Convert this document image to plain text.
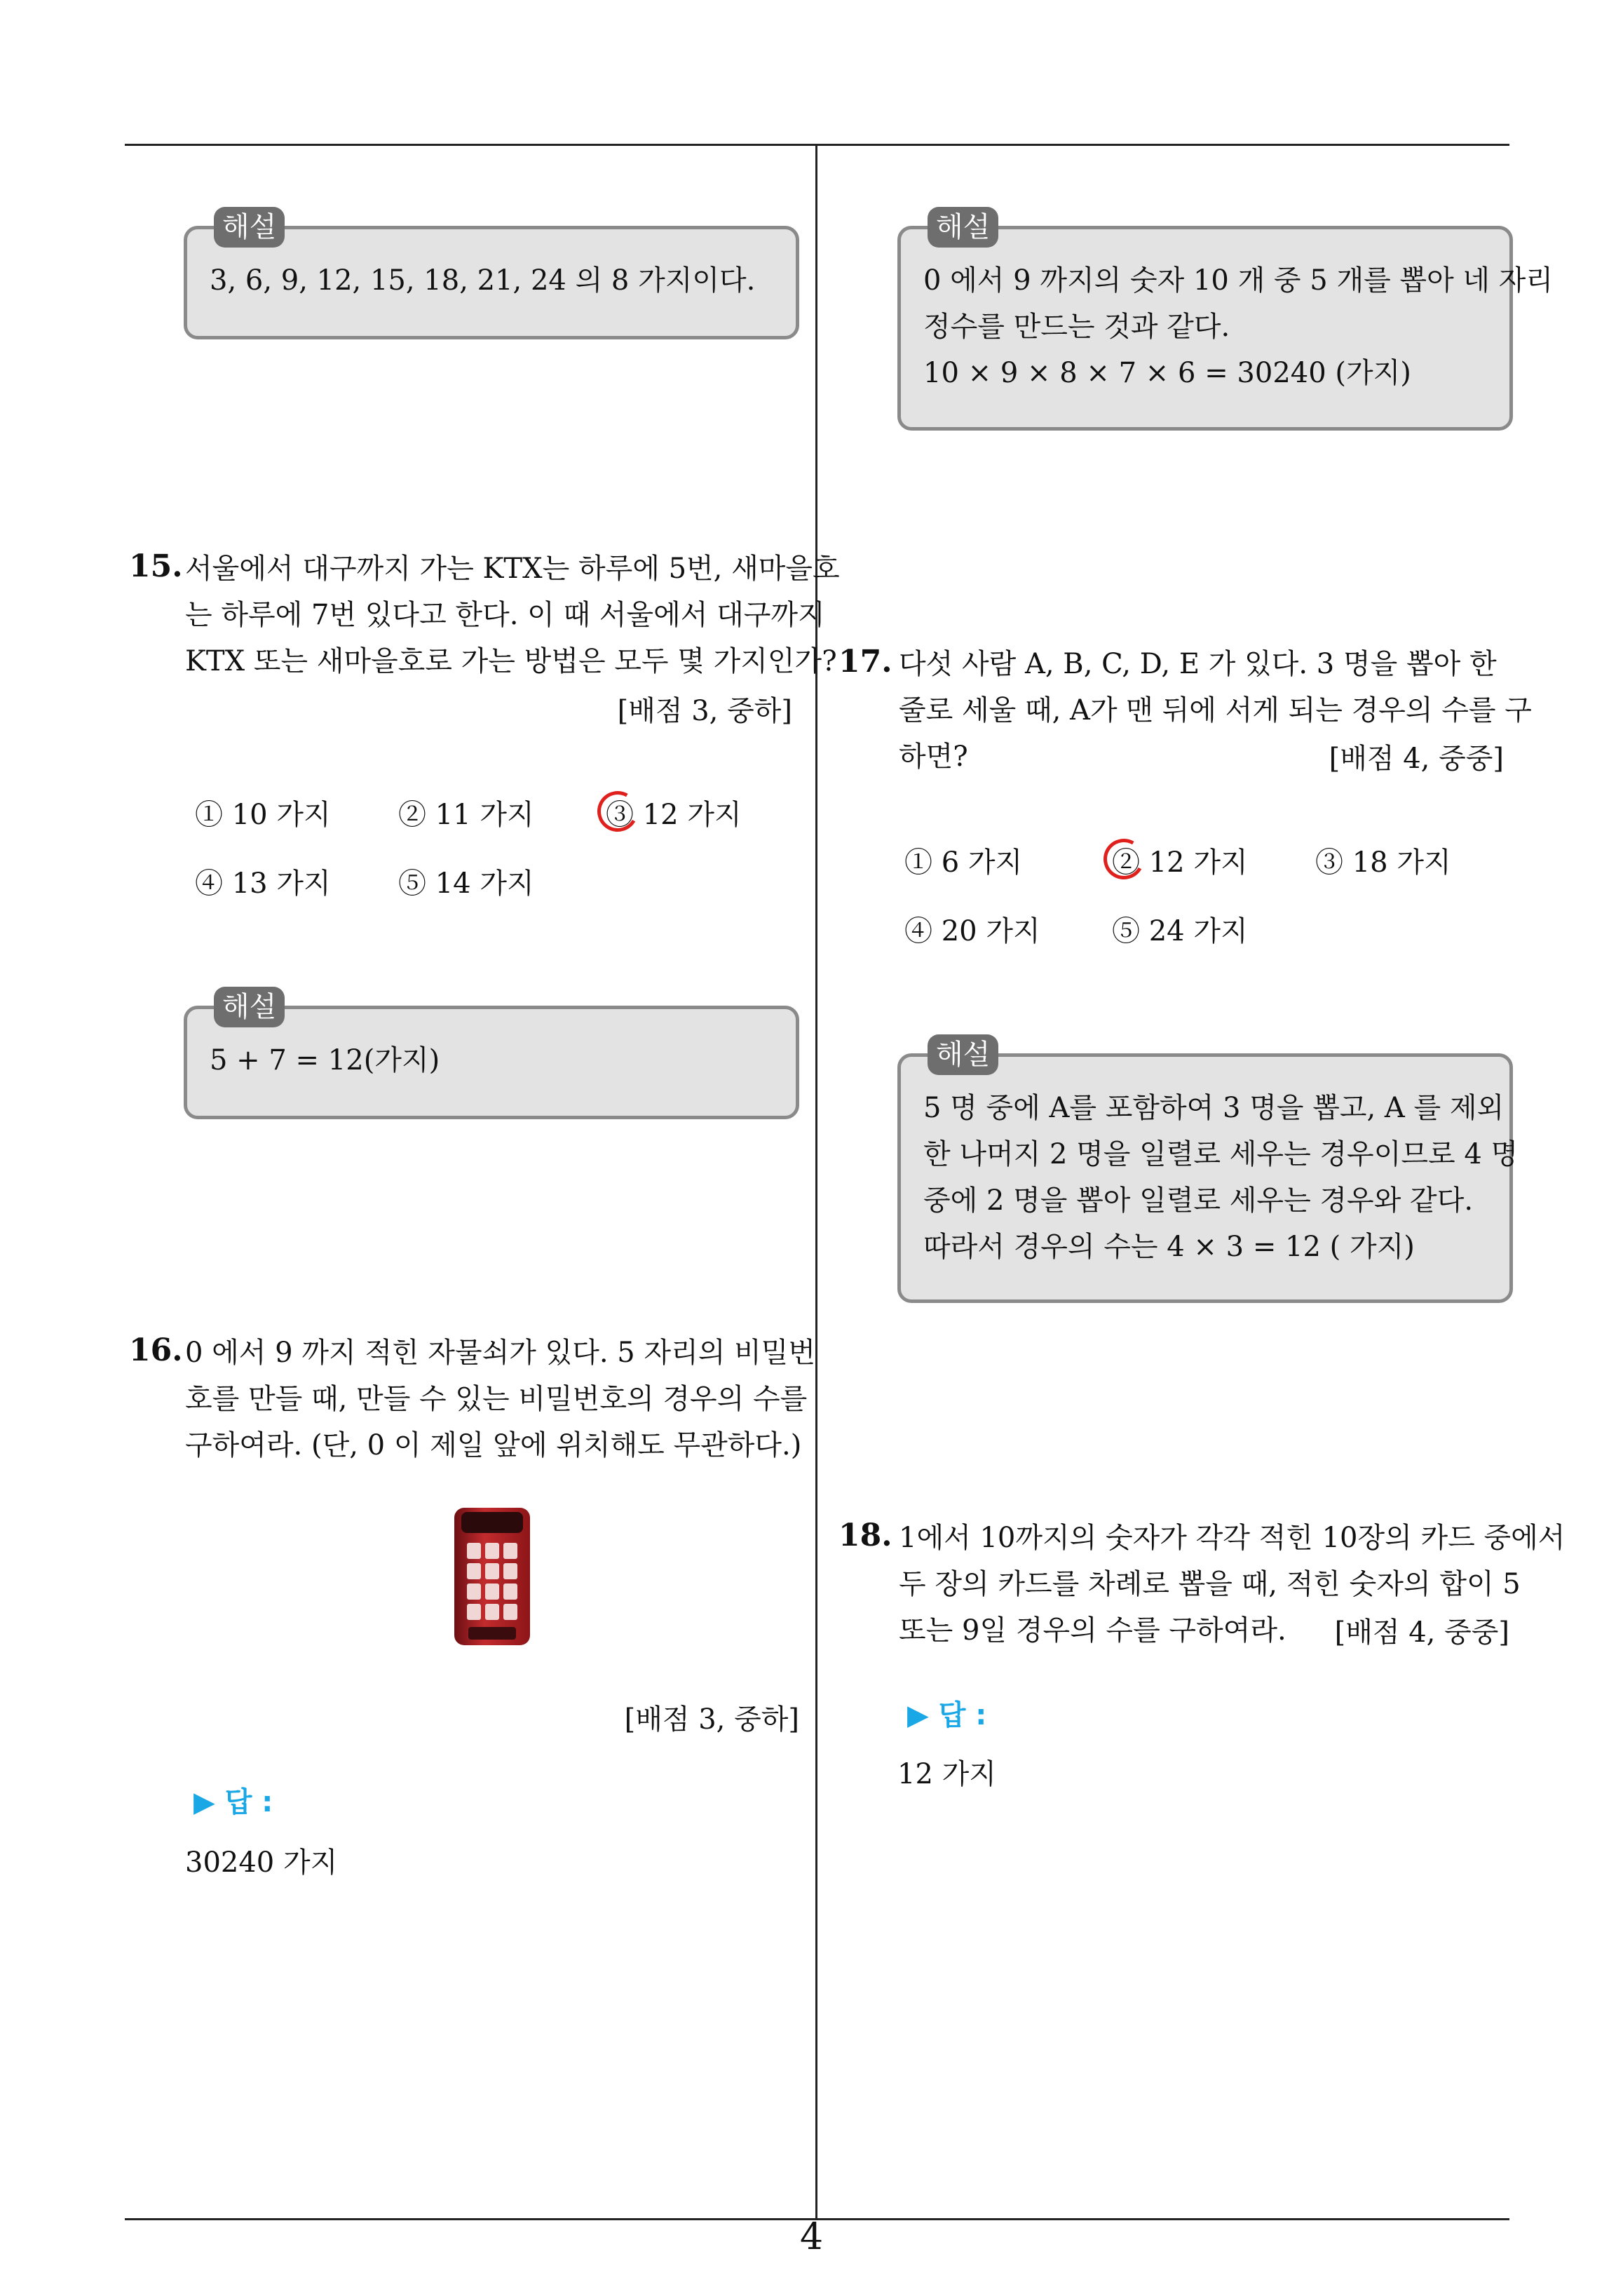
해설
3, 6, 9, 12, 15, 18, 21, 24 의 8 가지이다.
15. 서울에서 대구까지 가는 KTX는 하루에 5번, 새마을호
는 하루에 7번 있다고 한다. 이 때 서울에서 대구까지
KTX 또는 새마을호로 가는 방법은 모두 몇 가지인가?
[배점 3, 중하]
① 10 가지 ② 11 가지	③ 12 가지
④ 13 가지 ⑤ 14 가지
해설
5 + 7 = 12(가지)
16. 0 에서 9 까지 적힌 자물쇠가 있다. 5 자리의 비밀번
호를 만들 때, 만들 수 있는 비밀번호의 경우의 수를
구하여라. (단, 0 이 제일 앞에 위치해도 무관하다.)
[배점 3, 중하]
▶ 답 :
30240 가지
해설
0 에서 9 까지의 숫자 10 개 중 5 개를 뽑아 네 자리
정수를 만드는 것과 같다.
10 × 9 × 8 × 7 × 6 = 30240 (가지)
17. 다섯 사람 A, B, C, D, E 가 있다. 3 명을 뽑아 한
줄로 세울 때, A가 맨 뒤에 서게 되는 경우의 수를 구
하면?	[배점 4, 중중]
① 6 가지	② 12 가지 ③ 18 가지
④ 20 가지	⑤ 24 가지
해설
5 명 중에 A를 포함하여 3 명을 뽑고, A 를 제외
한 나머지 2 명을 일렬로 세우는 경우이므로 4 명
중에 2 명을 뽑아 일렬로 세우는 경우와 같다.
따라서 경우의 수는 4 × 3 = 12 ( 가지)
18. 1에서 10까지의 숫자가 각각 적힌 10장의 카드 중에서
두 장의 카드를 차례로 뽑을 때, 적힌 숫자의 합이 5
또는 9일 경우의 수를 구하여라.	[배점 4, 중중]
▶ 답 :
12 가지
4
